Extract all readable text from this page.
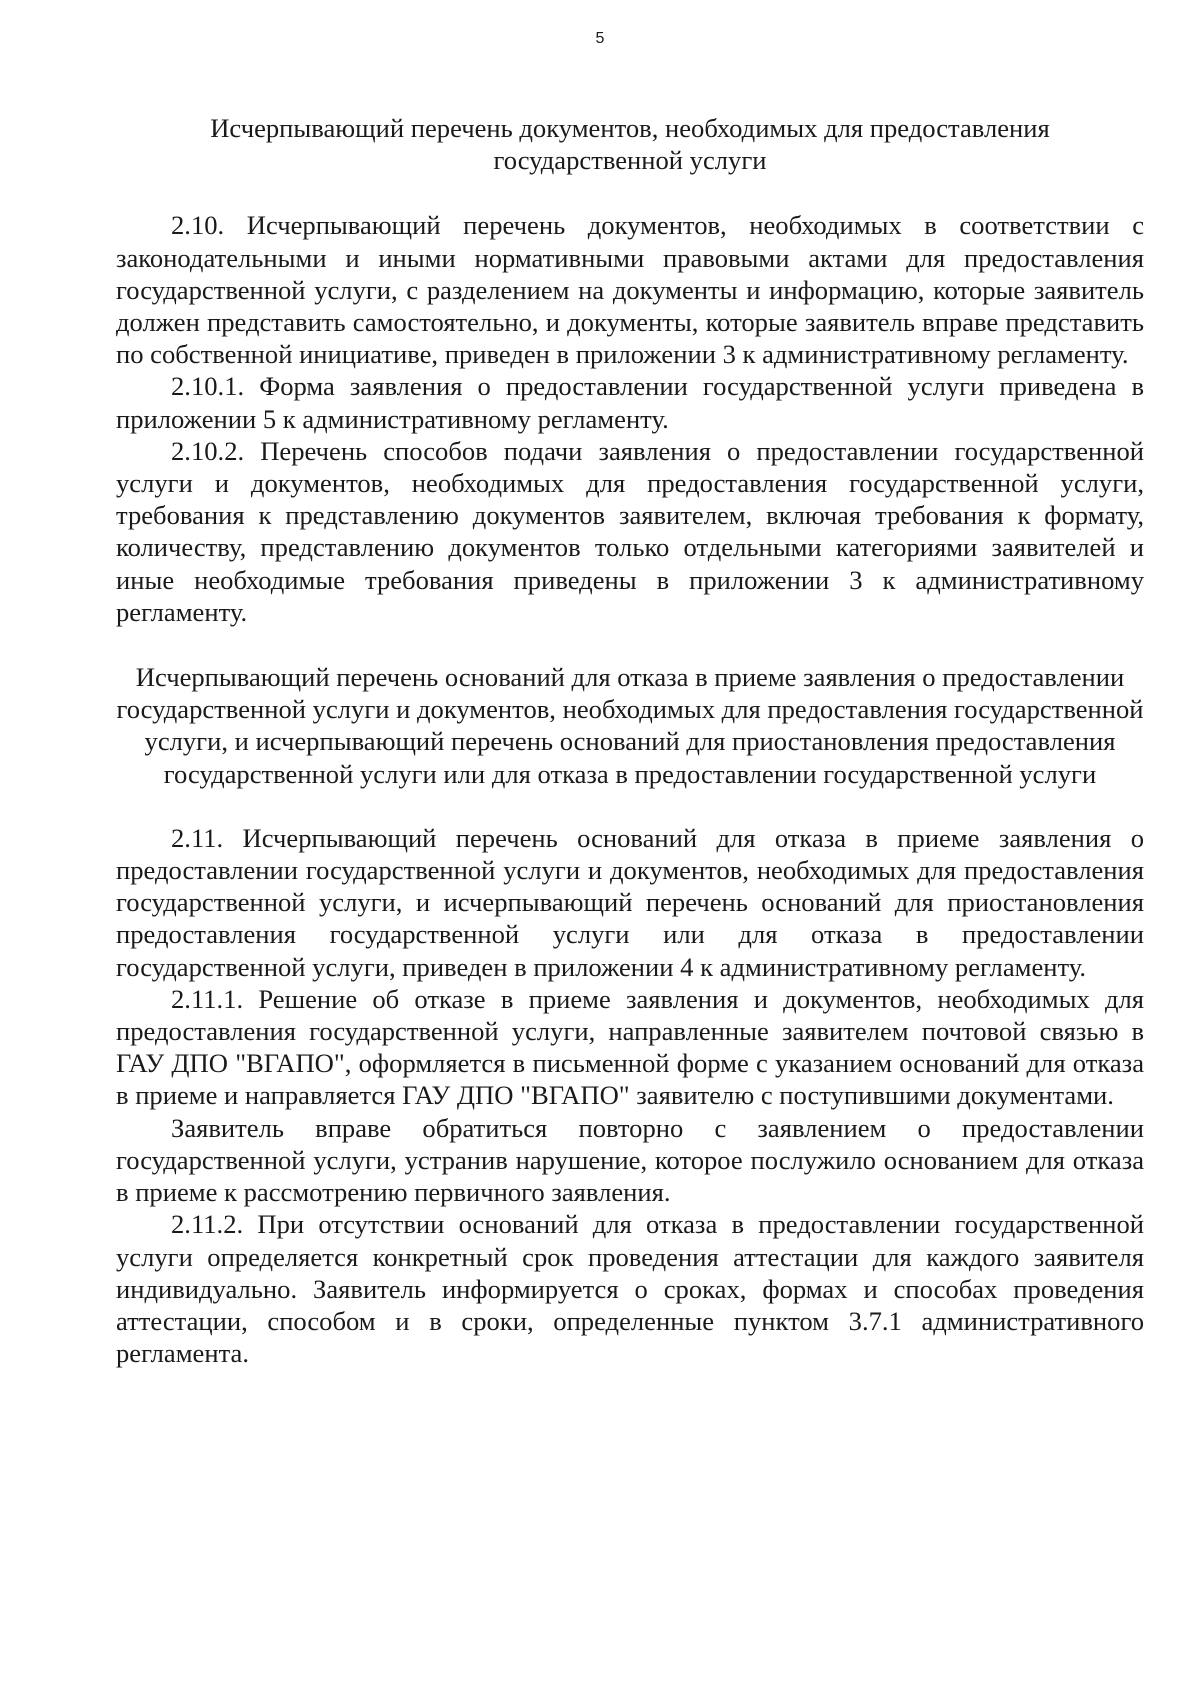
5

Исчерпывающий перечень документов, необходимых для предоставления государственной услуги

2.10. Исчерпывающий перечень документов, необходимых в соответствии с законодательными и иными нормативными правовыми актами для предоставления государственной услуги, с разделением на документы и информацию, которые заявитель должен представить самостоятельно, и документы, которые заявитель вправе представить по собственной инициативе, приведен в приложении 3 к административному регламенту.

2.10.1. Форма заявления о предоставлении государственной услуги приведена в приложении 5 к административному регламенту.

2.10.2. Перечень способов подачи заявления о предоставлении государственной услуги и документов, необходимых для предоставления государственной услуги, требования к представлению документов заявителем, включая требования к формату, количеству, представлению документов только отдельными категориями заявителей и иные необходимые требования приведены в приложении 3 к административному регламенту.

Исчерпывающий перечень оснований для отказа в приеме заявления о предоставлении государственной услуги и документов, необходимых для предоставления государственной услуги, и исчерпывающий перечень оснований для приостановления предоставления государственной услуги или для отказа в предоставлении государственной услуги

2.11. Исчерпывающий перечень оснований для отказа в приеме заявления о предоставлении государственной услуги и документов, необходимых для предоставления государственной услуги, и исчерпывающий перечень оснований для приостановления предоставления государственной услуги или для отказа в предоставлении государственной услуги, приведен в приложении 4 к административному регламенту.

2.11.1. Решение об отказе в приеме заявления и документов, необходимых для предоставления государственной услуги, направленные заявителем почтовой связью в ГАУ ДПО "ВГАПО", оформляется в письменной форме с указанием оснований для отказа в приеме и направляется ГАУ ДПО "ВГАПО" заявителю с поступившими документами.

Заявитель вправе обратиться повторно с заявлением о предоставлении государственной услуги, устранив нарушение, которое послужило основанием для отказа в приеме к рассмотрению первичного заявления.

2.11.2. При отсутствии оснований для отказа в предоставлении государственной услуги определяется конкретный срок проведения аттестации для каждого заявителя индивидуально. Заявитель информируется о сроках, формах и способах проведения аттестации, способом и в сроки, определенные пунктом 3.7.1 административного регламента.
